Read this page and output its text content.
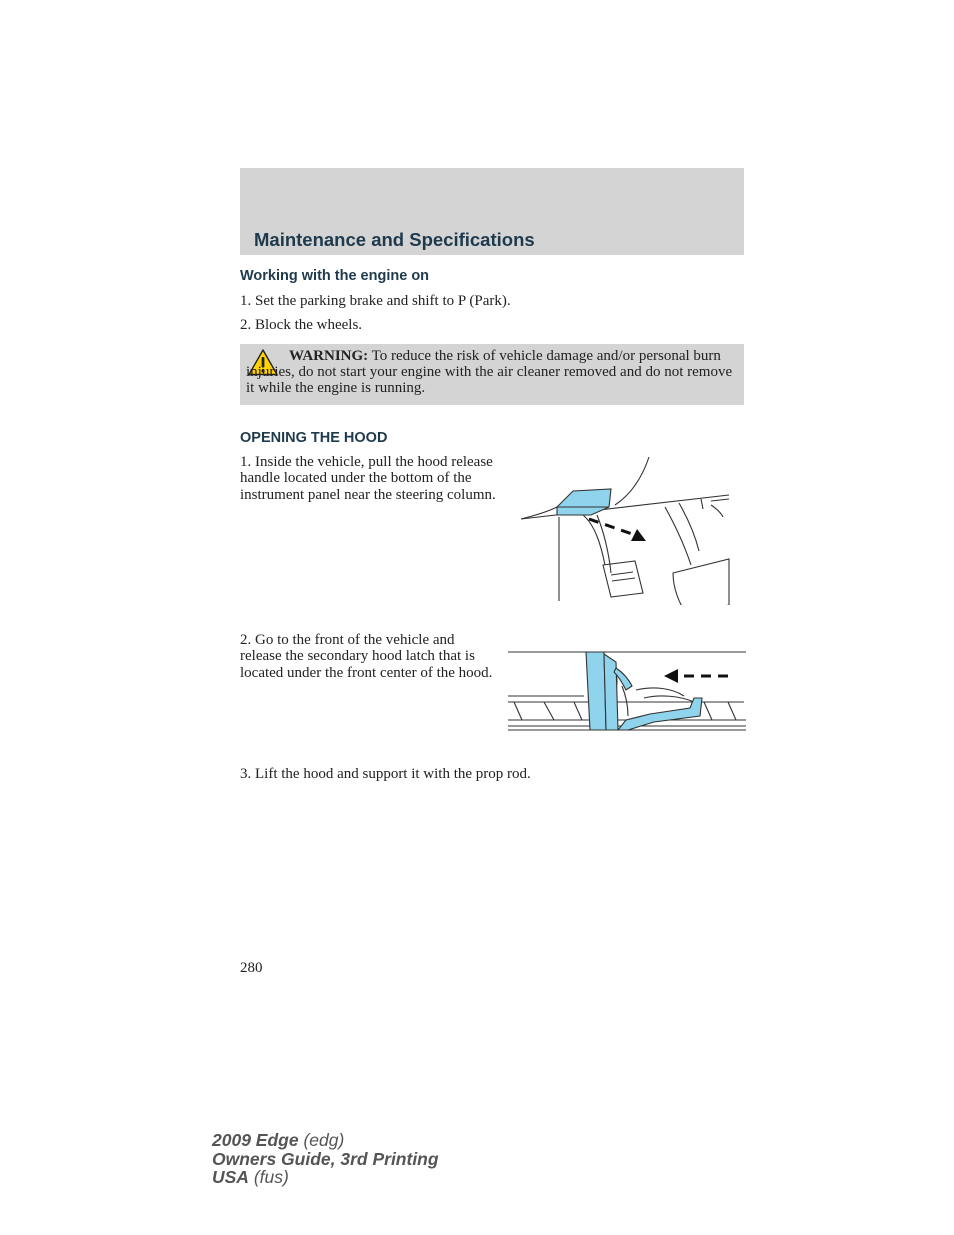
Maintenance and Specifications
Working with the engine on
1. Set the parking brake and shift to P (Park).
2. Block the wheels.
WARNING: To reduce the risk of vehicle damage and/or personal burn injuries, do not start your engine with the air cleaner removed and do not remove it while the engine is running.
OPENING THE HOOD
1. Inside the vehicle, pull the hood release handle located under the bottom of the instrument panel near the steering column.
2. Go to the front of the vehicle and release the secondary hood latch that is located under the front center of the hood.
3. Lift the hood and support it with the prop rod.
280
2009 Edge (edg)
Owners Guide, 3rd Printing
USA (fus)
